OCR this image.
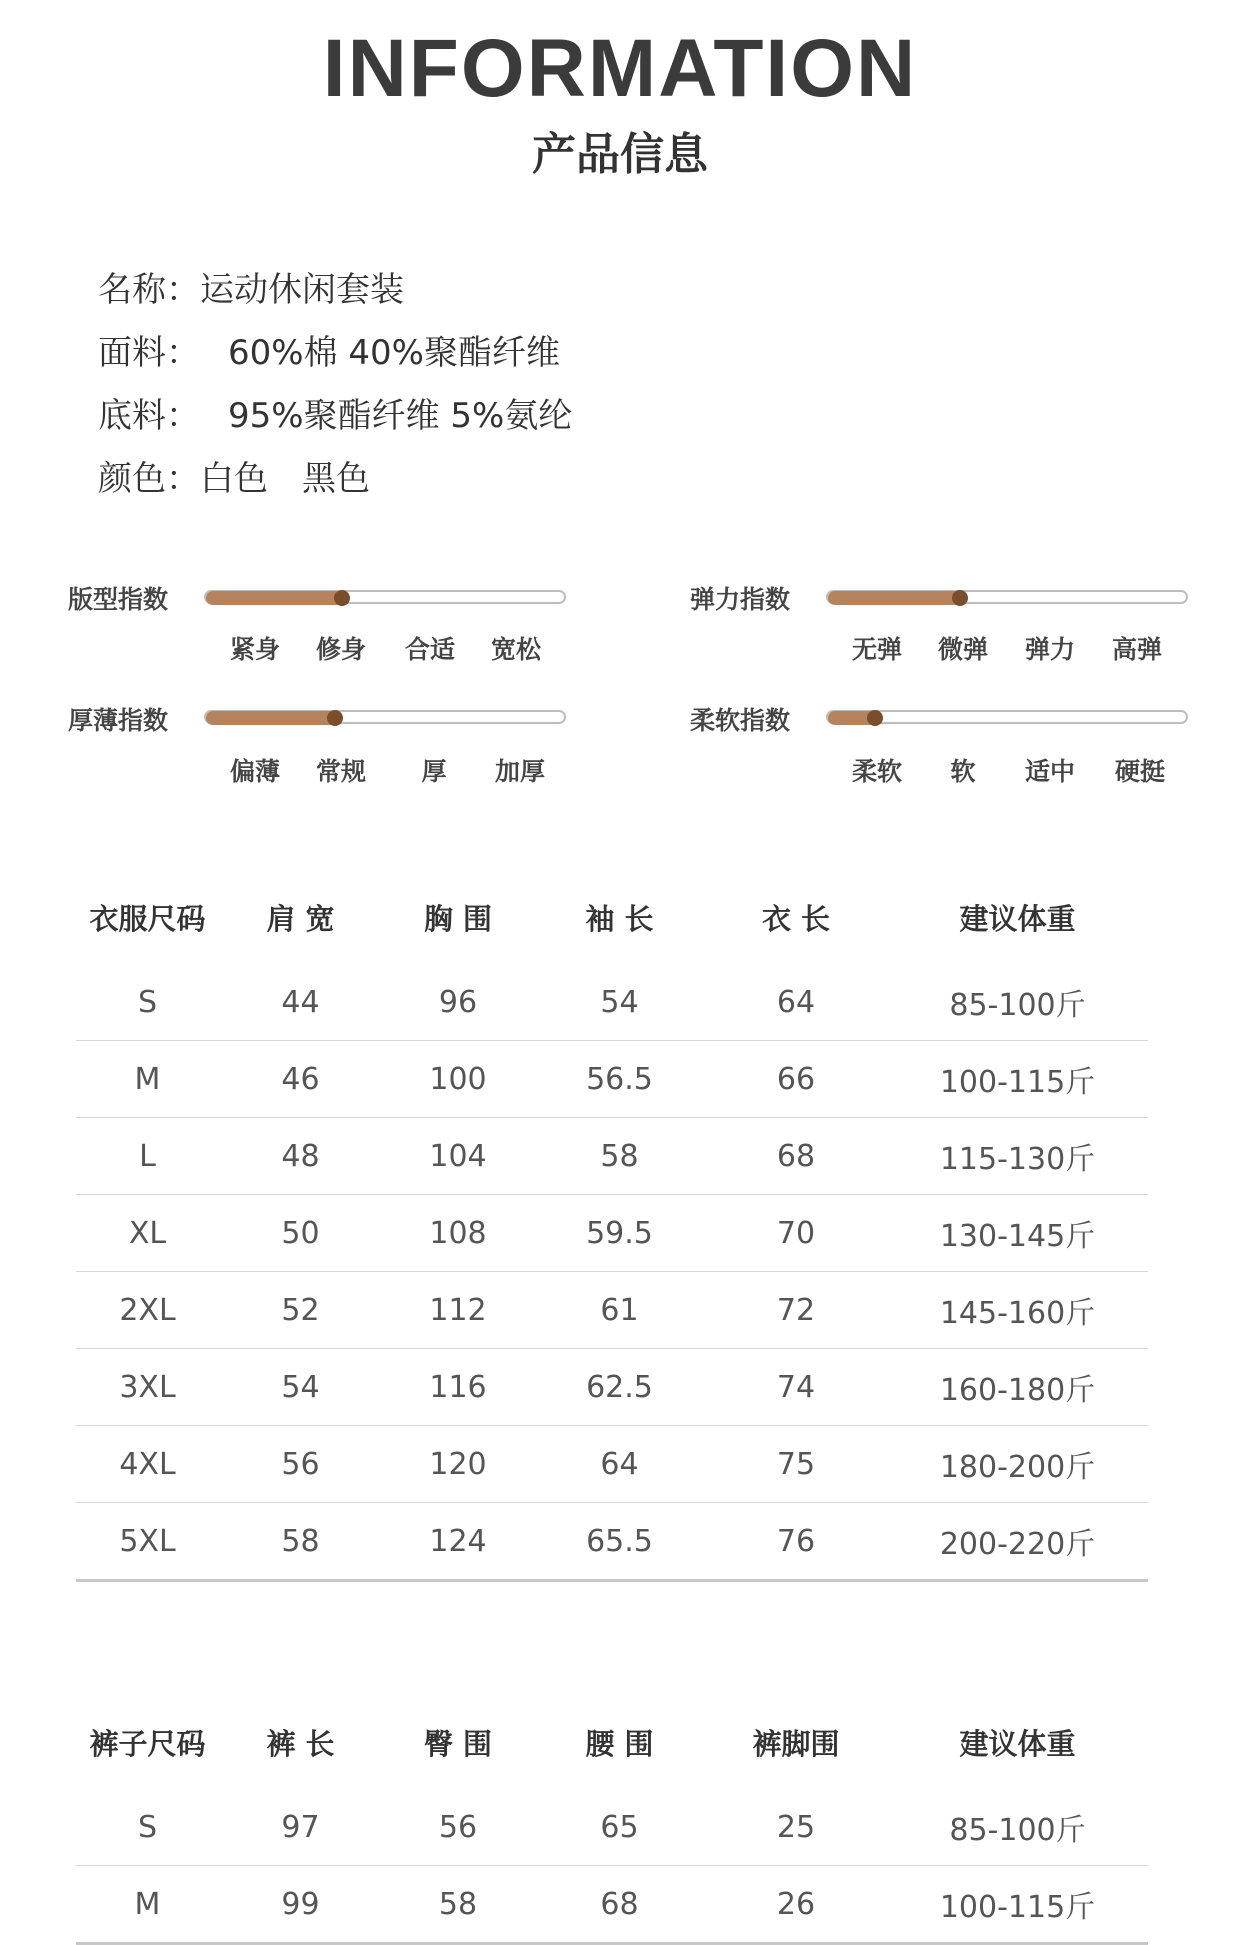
INFORMATION
产品信息
名称： 运动休闲套装
面料： 60%棉 40%聚酯纤维
底料： 95%聚酯纤维 5%氨纶
颜色： 白色　黑色
版型指数
紧身 修身 合适 宽松
弹力指数
无弹 微弹 弹力 高弹
厚薄指数
偏薄 常规 厚 加厚
柔软指数
柔软 软 适中 硬挺
衣服尺码	肩 宽	胸 围	袖 长	衣 长	建议体重
S	44	96	54	64	85-100斤
M	46	100	56.5	66	100-115斤
L	48	104	58	68	115-130斤
XL	50	108	59.5	70	130-145斤
2XL	52	112	61	72	145-160斤
3XL	54	116	62.5	74	160-180斤
4XL	56	120	64	75	180-200斤
5XL	58	124	65.5	76	200-220斤
裤子尺码	裤 长	臀 围	腰 围	裤脚围	建议体重
S	97	56	65	25	85-100斤
M	99	58	68	26	100-115斤
